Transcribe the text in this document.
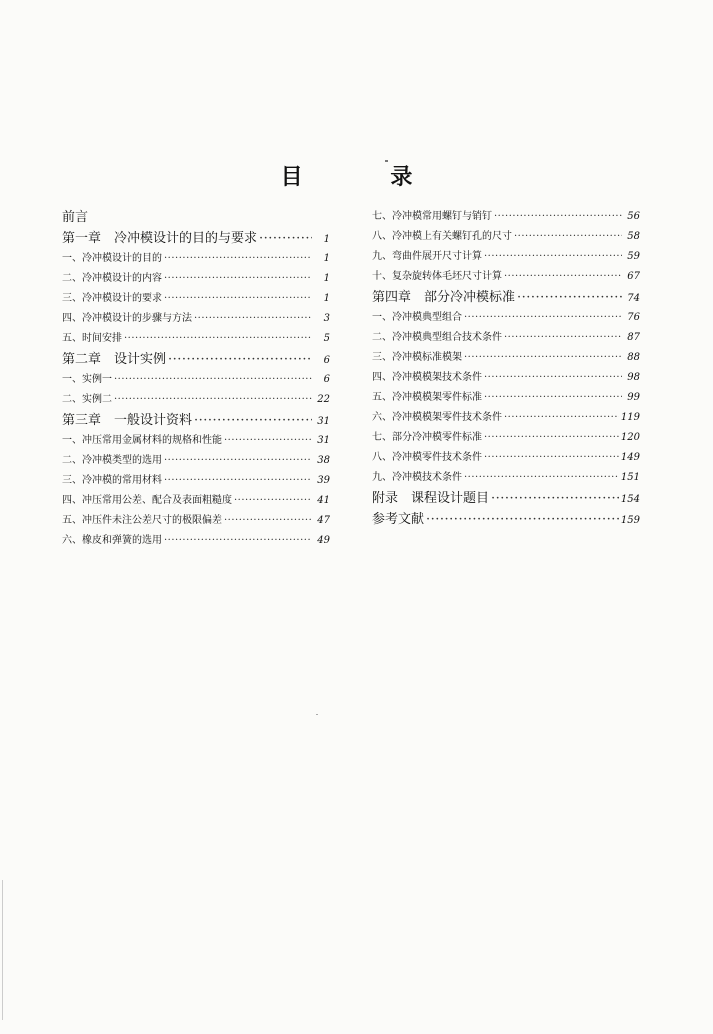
目 录
前言
第一章　冷冲模设计的目的与要求 ·····	1
一、冷冲模设计的目的 ·····	1
二、冷冲模设计的内容 ·····	1
三、冷冲模设计的要求 ·····	1
四、冷冲模设计的步骤与方法 ·····	3
五、时间安排 ·····	5
第二章　设计实例 ·····	6
一、实例一 ·····	6
二、实例二 ·····	22
第三章　一般设计资料 ·····	31
一、冲压常用金属材料的规格和性能 ·····	31
二、冷冲模类型的选用 ·····	38
三、冷冲模的常用材料 ·····	39
四、冲压常用公差、配合及表面粗糙度 ·····	41
五、冲压件未注公差尺寸的极限偏差 ·····	47
六、橡皮和弹簧的选用 ·····	49
七、冷冲模常用螺钉与销钉 ·····	56
八、冷冲模上有关螺钉孔的尺寸 ·····	58
九、弯曲件展开尺寸计算 ·····	59
十、复杂旋转体毛坯尺寸计算 ·····	67
第四章　部分冷冲模标准 ·····	74
一、冷冲模典型组合 ·····	76
二、冷冲模典型组合技术条件 ·····	87
三、冷冲模标准模架 ·····	88
四、冷冲模模架技术条件 ·····	98
五、冷冲模模架零件标准 ·····	99
六、冷冲模模架零件技术条件 ·····	119
七、部分冷冲模零件标准 ·····	120
八、冷冲模零件技术条件 ·····	149
九、冷冲模技术条件 ·····	151
附录　课程设计题目 ·····	154
参考文献 ·····	159
